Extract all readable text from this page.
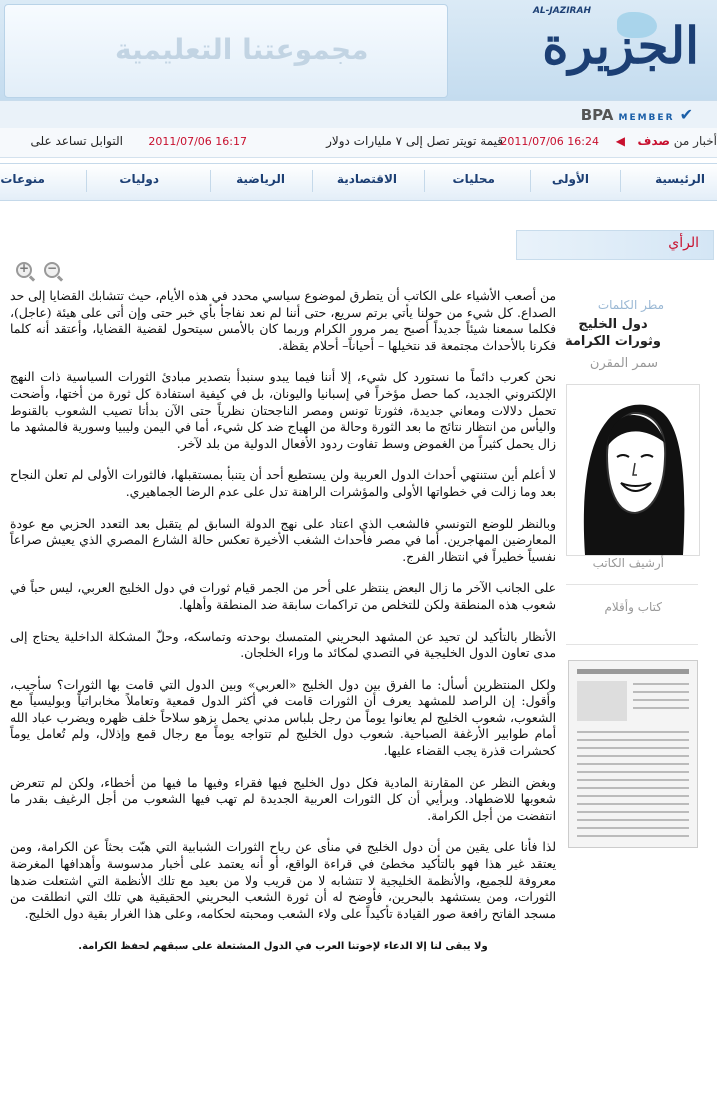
مجموعتنا التعليمية
AL-JAZIRAH
الجزيرة
BPA MEMBER ✔
أخبار من صدف
◀
2011/07/06 16:24
قيمة تويتر تصل إلى ٧ مليارات دولار
2011/07/06 16:17
التوابل تساعد على
الرئيسية
الأولى
محليات
الاقتصادية
الرياضية
دوليات
منوعات
الرأي
+ −
مطر الكلمات
دول الخليج وثورات الكرامة
سمر المقرن
أرشيف الكاتب
كتاب وأقلام

من أصعب الأشياء على الكاتب أن يتطرق لموضوع سياسي محدد في هذه الأيام، حيث تتشابك القضايا إلى حد الصداع. كل شيء من حولنا يأتي برتم سريع، حتى أننا لم نعد نفاجأ بأي خبر حتى وإن أتى على هيئة (عاجل)، فكلما سمعنا شيئاً جديداً أصبح يمر مرور الكرام وربما كان بالأمس سيتحول لقضية القضايا، وأعتقد أنه كلما فكرنا بالأحداث مجتمعة قد نتخيلها – أحياناً– أحلام يقظة.

نحن كعرب دائماً ما نستورد كل شيء، إلا أننا فيما يبدو سنبدأ بتصدير مبادئ الثورات السياسية ذات النهج الإلكتروني الجديد، كما حصل مؤخراً في إسبانيا واليونان، بل في كيفية استفادة كل ثورة من أختها، وأضحت تحمل دلالات ومعاني جديدة، فثورتا تونس ومصر الناجحتان نظرياً حتى الآن بدأتا تصيب الشعوب بالقنوط واليأس من انتظار نتائج ما بعد الثورة وحالة من الهياج ضد كل شيء، أما في اليمن وليبيا وسورية فالمشهد ما زال يحمل كثيراً من الغموض وسط تفاوت ردود الأفعال الدولية من بلد لآخر.

لا أعلم أين ستنتهي أحداث الدول العربية ولن يستطيع أحد أن يتنبأ بمستقبلها، فالثورات الأولى لم تعلن النجاح بعد وما زالت في خطواتها الأولى والمؤشرات الراهنة تدل على عدم الرضا الجماهيري.

وبالنظر للوضع التونسي فالشعب الذي اعتاد على نهج الدولة السابق لم يتقبل بعد التعدد الحزبي مع عودة المعارضين المهاجرين. أما في مصر فأحداث الشغب الأخيرة تعكس حالة الشارع المصري الذي يعيش صراعاً نفسياً خطيراً في انتظار الفرج.

على الجانب الآخر ما زال البعض ينتظر على أحر من الجمر قيام ثورات في دول الخليج العربي، ليس حباً في شعوب هذه المنطقة ولكن للتخلص من تراكمات سابقة ضد المنطقة وأهلها.

الأنظار بالتأكيد لن تحيد عن المشهد البحريني المتمسك بوحدته وتماسكه، وحلّ المشكلة الداخلية يحتاج إلى مدى تعاون الدول الخليجية في التصدي لمكائد ما وراء الخلجان.

ولكل المنتظرين أسأل: ما الفرق بين دول الخليج «العربي» وبين الدول التي قامت بها الثورات؟ سأجيب، وأقول: إن الراصد للمشهد يعرف أن الثورات قامت في أكثر الدول قمعية وتعاملاً مخابراتياً وبوليسياً مع الشعوب، شعوب الخليج لم يعانوا يوماً من رجل بلباس مدني يحمل بزهو سلاحاً خلف ظهره ويضرب عباد الله أمام طوابير الأرغفة الصباحية. شعوب دول الخليج لم تتواجه يوماً مع رجال قمع وإذلال، ولم تُعامل يوماً كحشرات قذرة يجب القضاء عليها.

وبغض النظر عن المقارنة المادية فكل دول الخليج فيها فقراء وفيها ما فيها من أخطاء، ولكن لم تتعرض شعوبها للاضطهاد. وبرأيي أن كل الثورات العربية الجديدة لم تهب فيها الشعوب من أجل الرغيف بقدر ما انتفضت من أجل الكرامة.

لذا فأنا على يقين من أن دول الخليج في منأى عن رياح الثورات الشبابية التي هبّت بحثاً عن الكرامة، ومن يعتقد غير هذا فهو بالتأكيد مخطئ في قراءة الواقع، أو أنه يعتمد على أخبار مدسوسة وأهدافها المغرضة معروفة للجميع، والأنظمة الخليجية لا تتشابه لا من قريب ولا من بعيد مع تلك الأنظمة التي اشتعلت ضدها الثورات، ومن يستشهد بالبحرين، فأوضح له أن ثورة الشعب البحريني الحقيقية هي تلك التي انطلقت من مسجد الفاتح رافعة صور القيادة تأكيداً على ولاء الشعب ومحبته لحكامه، وعلى هذا الغرار بقية دول الخليج.

ولا يبقى لنا إلا الدعاء لإخوتنا العرب في الدول المشتعلة على سبقهم لحفظ الكرامة.
